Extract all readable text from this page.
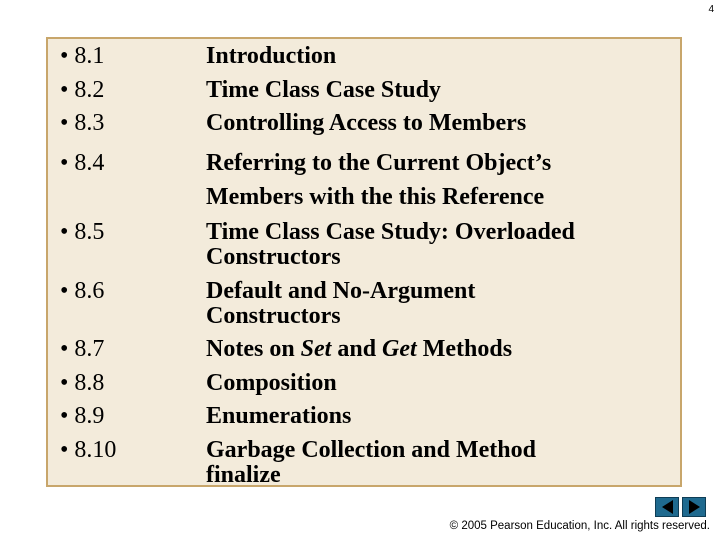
4
• 8.1	Introduction
• 8.2	Time Class Case Study
• 8.3	Controlling Access to Members
• 8.4	Referring to the Current Object’s
Members with the this Reference
• 8.5	Time Class Case Study: Overloaded
Constructors
• 8.6	Default and No-Argument
Constructors
• 8.7	Notes on Set and Get Methods
• 8.8	Composition
• 8.9	Enumerations
• 8.10	Garbage Collection and Method
finalize
© 2005 Pearson Education, Inc. All rights reserved.
